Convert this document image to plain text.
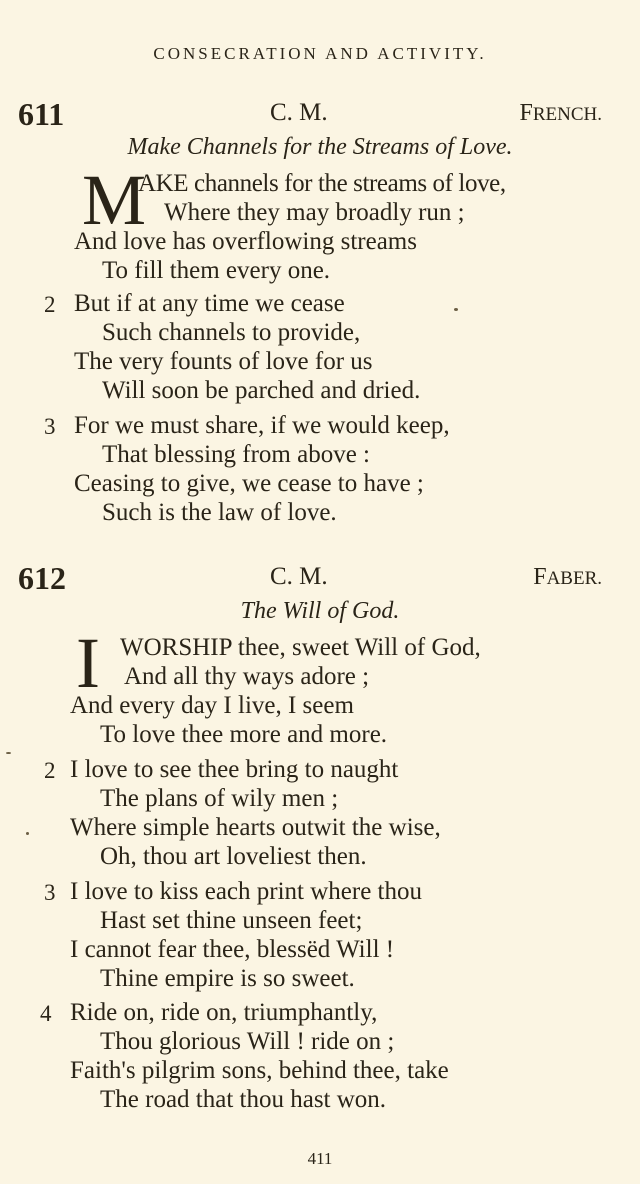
CONSECRATION AND ACTIVITY.
611	C. M.	FRENCH.
Make Channels for the Streams of Love.
M
AKE channels for the streams of love,
Where they may broadly run ;
And love has overflowing streams
To fill them every one.
2 But if at any time we cease
Such channels to provide,
The very founts of love for us
Will soon be parched and dried.
3 For we must share, if we would keep,
That blessing from above :
Ceasing to give, we cease to have ;
Such is the law of love.
612	C. M.	FABER.
The Will of God.
I WORSHIP thee, sweet Will of God,
And all thy ways adore ;
And every day I live, I seem
To love thee more and more.
2 I love to see thee bring to naught
The plans of wily men ;
Where simple hearts outwit the wise,
Oh, thou art loveliest then.
3 I love to kiss each print where thou
Hast set thine unseen feet;
I cannot fear thee, blessëd Will !
Thine empire is so sweet.
4 Ride on, ride on, triumphantly,
Thou glorious Will ! ride on ;
Faith's pilgrim sons, behind thee, take
The road that thou hast won.
411
